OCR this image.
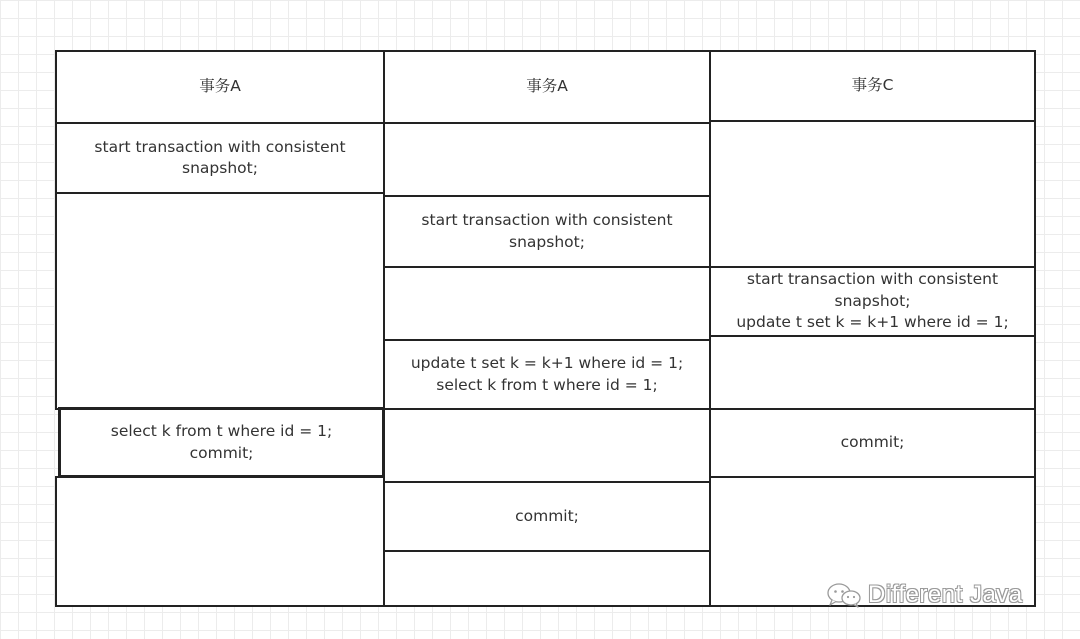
事务A
start transaction with consistent
snapshot;
select k from t where id = 1;
commit;
事务A
start transaction with consistent
snapshot;
update t set k = k+1 where id = 1;
select k from t where id = 1;
commit;
事务C
start transaction with consistent
snapshot;
update t set k = k+1 where id = 1;
commit;
Different Java
